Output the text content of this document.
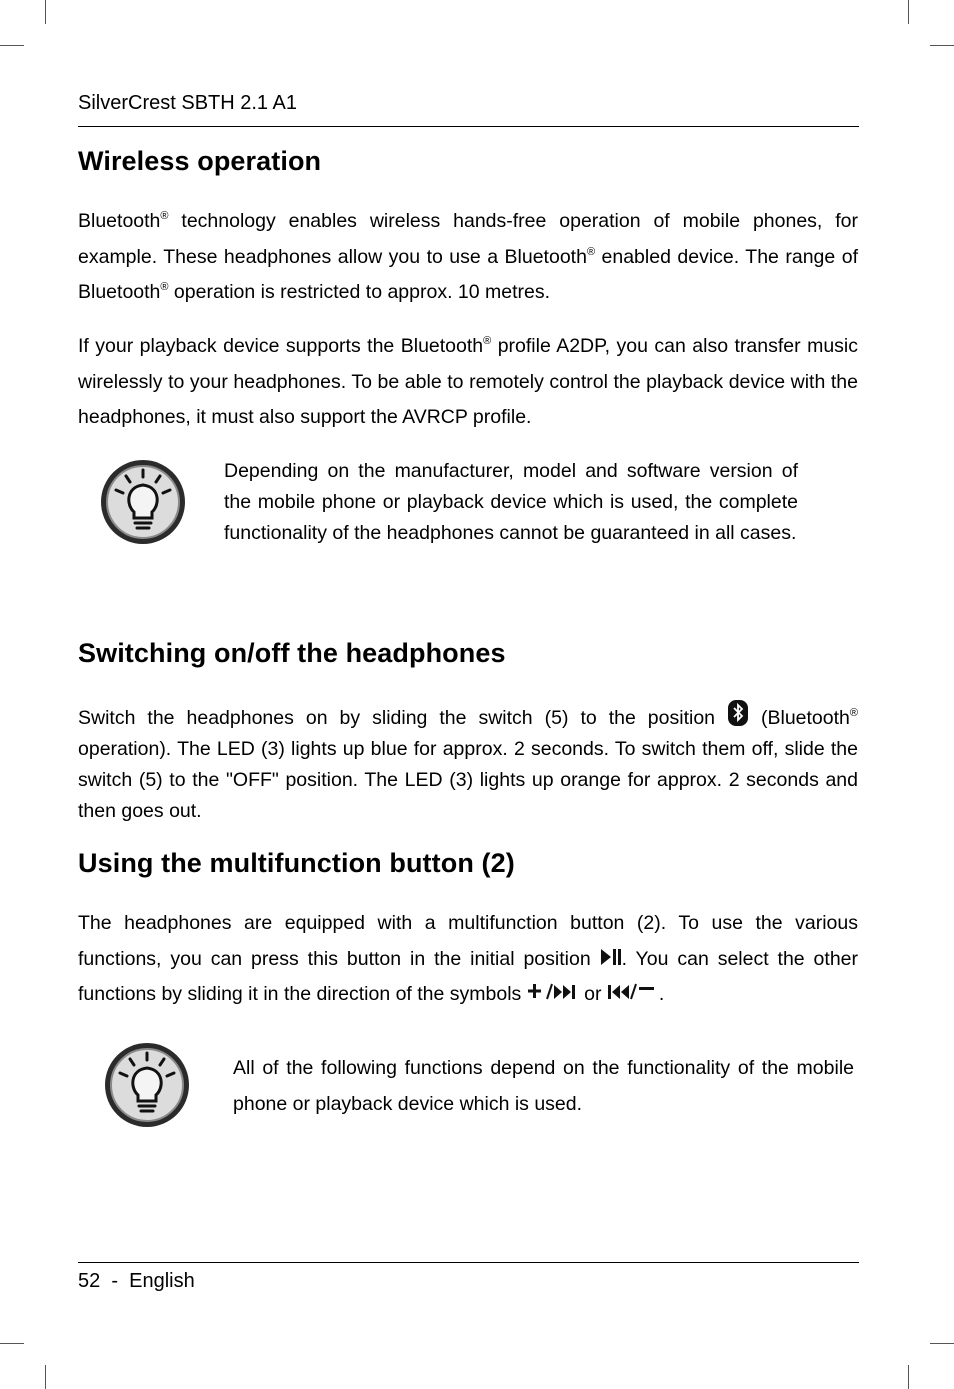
SilverCrest SBTH 2.1 A1
Wireless operation

Bluetooth® technology enables wireless hands-free operation of mobile phones, for example. These headphones allow you to use a Bluetooth® enabled device. The range of Bluetooth® operation is restricted to approx. 10 metres.

If your playback device supports the Bluetooth® profile A2DP, you can also transfer music wirelessly to your headphones. To be able to remotely control the playback device with the headphones, it must also support the AVRCP profile.

Depending on the manufacturer, model and software version of the mobile phone or playback device which is used, the complete functionality of the headphones cannot be guaranteed in all cases.

Switching on/off the headphones

Switch the headphones on by sliding the switch (5) to the position  (Bluetooth® operation). The LED (3) lights up blue for approx. 2 seconds. To switch them off, slide the switch (5) to the "OFF" position. The LED (3) lights up orange for approx. 2 seconds and then goes out.

Using the multifunction button (2)

The headphones are equipped with a multifunction button (2). To use the various functions, you can press this button in the initial position . You can select the other functions by sliding it in the direction of the symbols	or	.

All of the following functions depend on the functionality of the mobile phone or playback device which is used.

52  -  English
